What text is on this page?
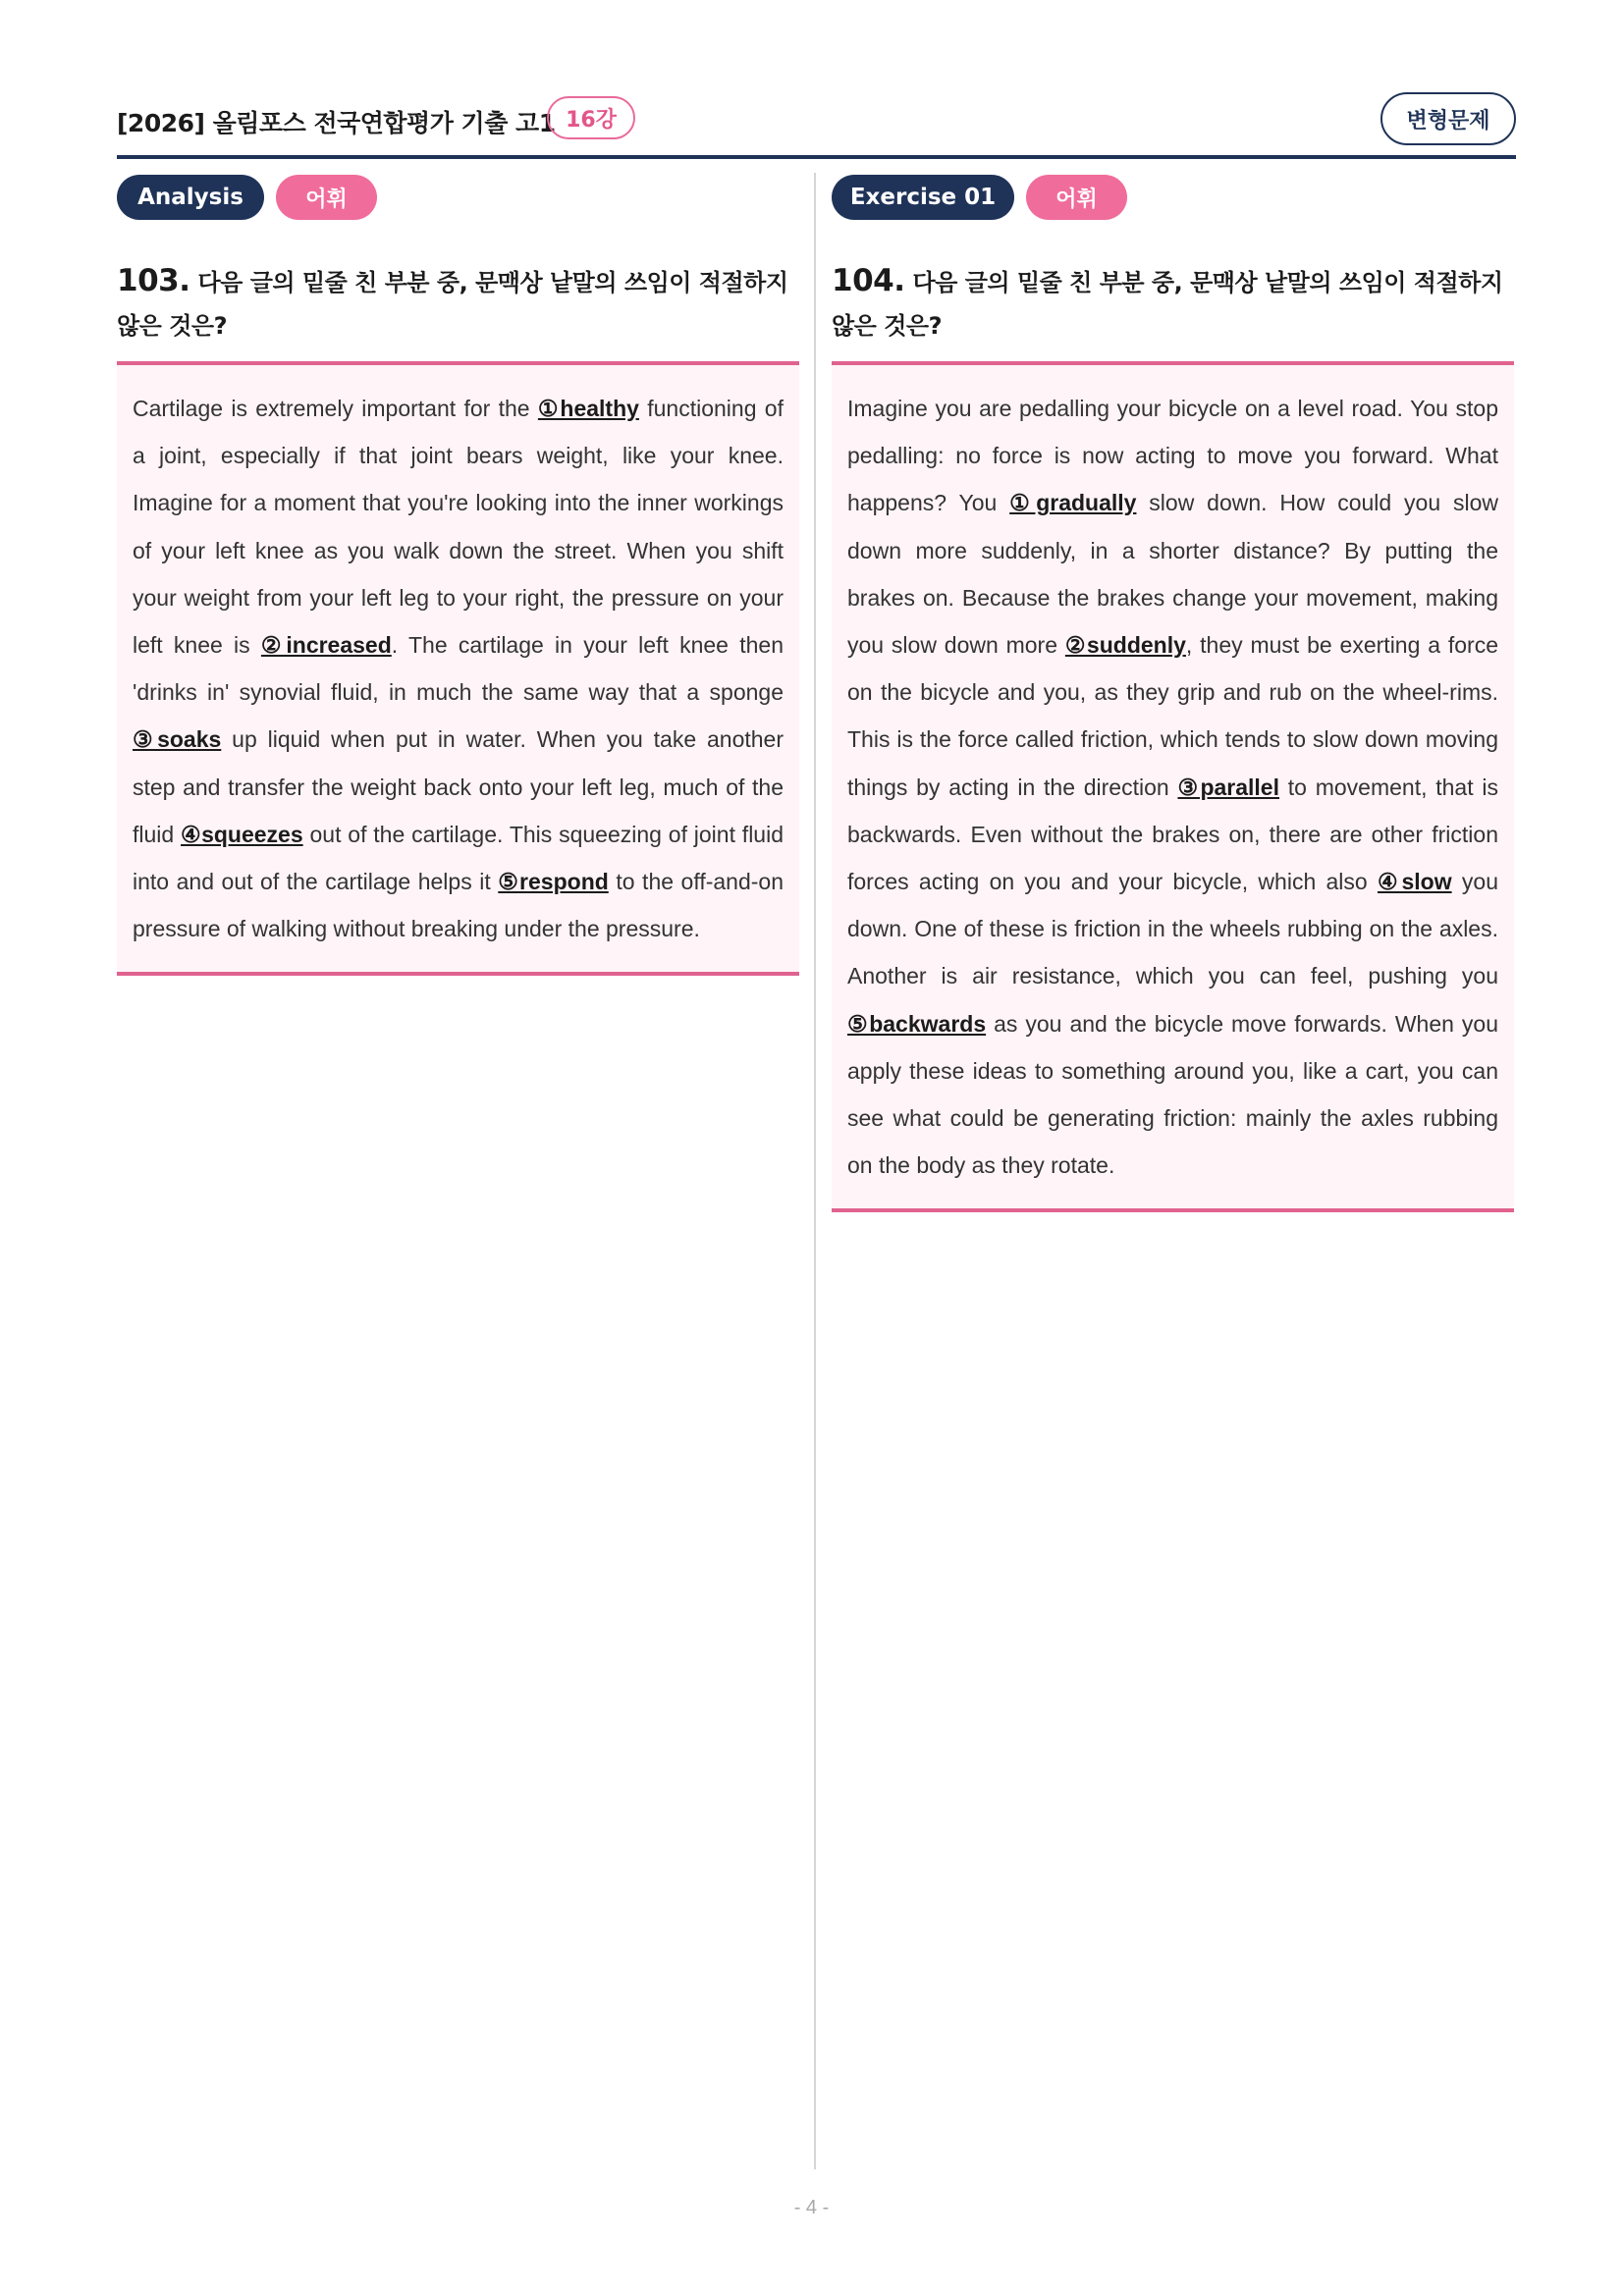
[2026] 올림포스 전국연합평가 기출 고1 16강	변형문제
Analysis	어휘
103. 다음 글의 밑줄 친 부분 중, 문맥상 낱말의 쓰임이 적절하지 않은 것은?
Cartilage is extremely important for the ①healthy functioning of a joint, especially if that joint bears weight, like your knee. Imagine for a moment that you're looking into the inner workings of your left knee as you walk down the street. When you shift your weight from your left leg to your right, the pressure on your left knee is ②increased. The cartilage in your left knee then 'drinks in' synovial fluid, in much the same way that a sponge ③soaks up liquid when put in water. When you take another step and transfer the weight back onto your left leg, much of the fluid ④squeezes out of the cartilage. This squeezing of joint fluid into and out of the cartilage helps it ⑤respond to the off-and-on pressure of walking without breaking under the pressure.
Exercise 01	어휘
104. 다음 글의 밑줄 친 부분 중, 문맥상 낱말의 쓰임이 적절하지 않은 것은?
Imagine you are pedalling your bicycle on a level road. You stop pedalling: no force is now acting to move you forward. What happens? You ①gradually slow down. How could you slow down more suddenly, in a shorter distance? By putting the brakes on. Because the brakes change your movement, making you slow down more ②suddenly, they must be exerting a force on the bicycle and you, as they grip and rub on the wheel-rims. This is the force called friction, which tends to slow down moving things by acting in the direction ③parallel to movement, that is backwards. Even without the brakes on, there are other friction forces acting on you and your bicycle, which also ④slow you down. One of these is friction in the wheels rubbing on the axles. Another is air resistance, which you can feel, pushing you ⑤backwards as you and the bicycle move forwards. When you apply these ideas to something around you, like a cart, you can see what could be generating friction: mainly the axles rubbing on the body as they rotate.
- 4 -
